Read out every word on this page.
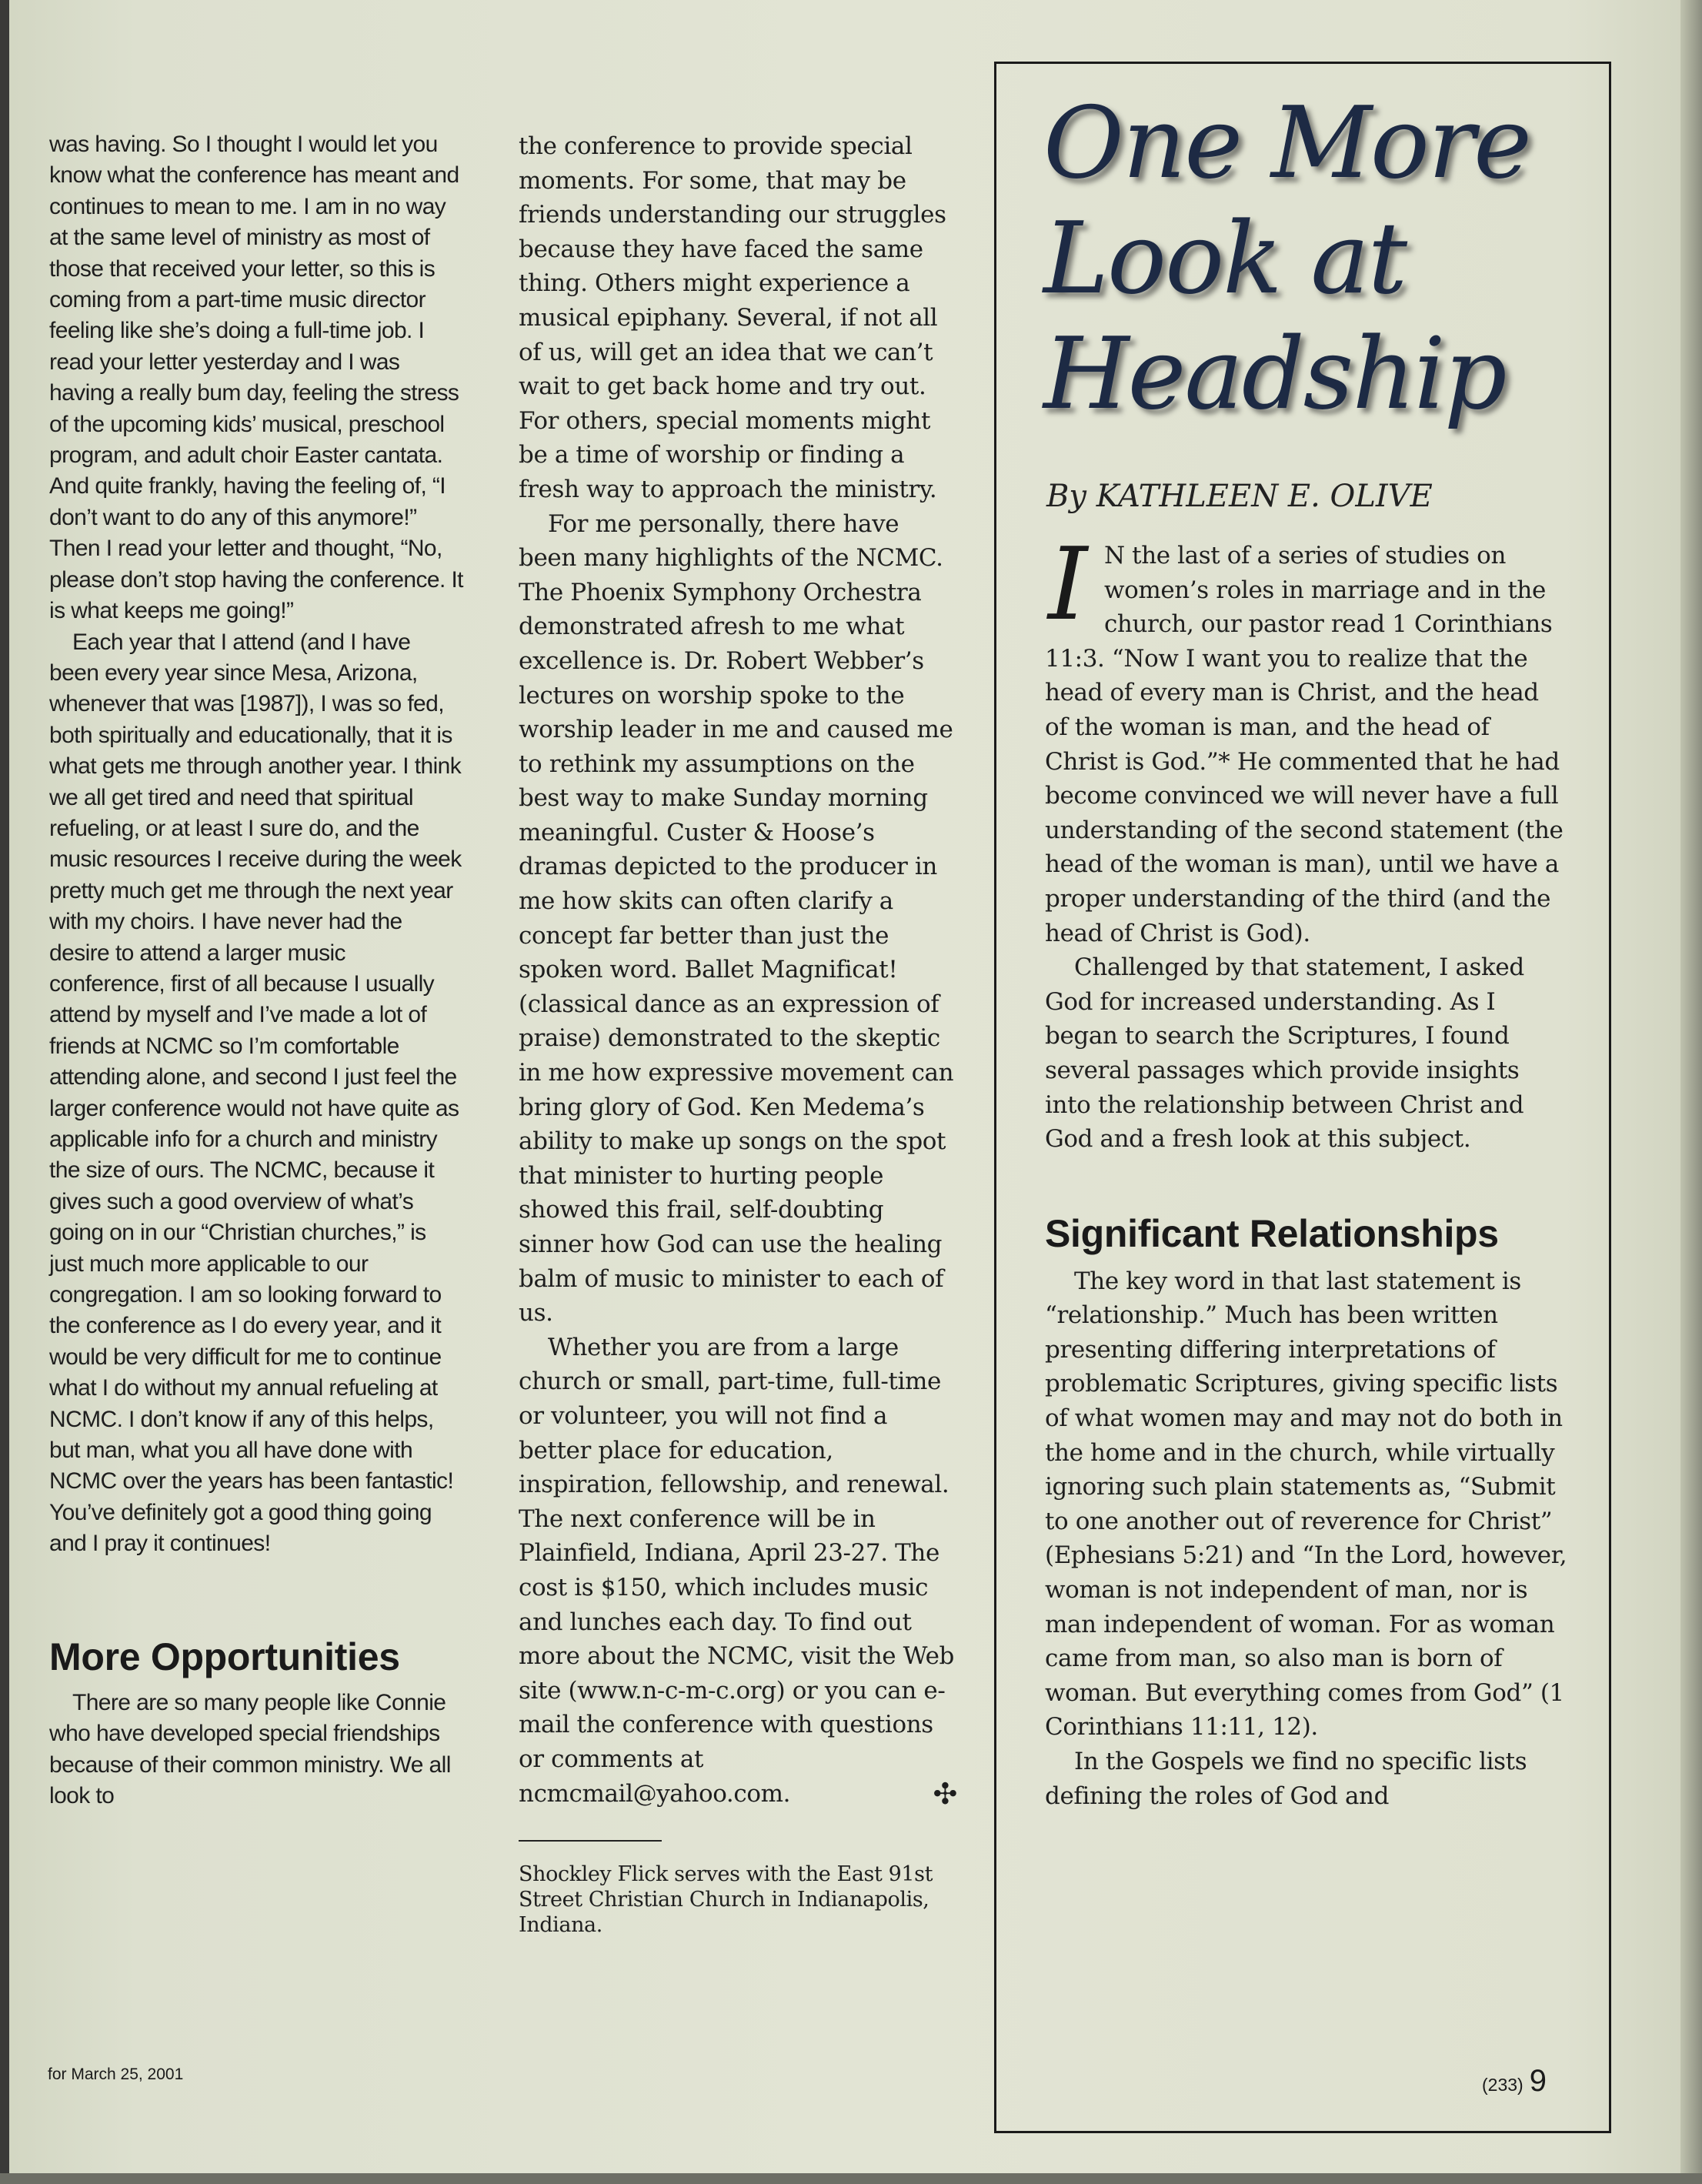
was having. So I thought I would let you know what the conference has meant and continues to mean to me. I am in no way at the same level of ministry as most of those that received your letter, so this is coming from a part-time music director feeling like she’s doing a full-time job. I read your letter yesterday and I was having a really bum day, feeling the stress of the upcoming kids’ musical, preschool program, and adult choir Easter cantata. And quite frankly, having the feeling of, “I don’t want to do any of this anymore!” Then I read your letter and thought, “No, please don’t stop having the conference. It is what keeps me going!”

Each year that I attend (and I have been every year since Mesa, Arizona, whenever that was [1987]), I was so fed, both spiritually and educationally, that it is what gets me through another year. I think we all get tired and need that spiritual refueling, or at least I sure do, and the music resources I receive during the week pretty much get me through the next year with my choirs. I have never had the desire to attend a larger music conference, first of all because I usually attend by myself and I’ve made a lot of friends at NCMC so I’m comfortable attending alone, and second I just feel the larger conference would not have quite as applicable info for a church and ministry the size of ours. The NCMC, because it gives such a good overview of what’s going on in our “Christian churches,” is just much more applicable to our congregation. I am so looking forward to the conference as I do every year, and it would be very difficult for me to continue what I do without my annual refueling at NCMC. I don’t know if any of this helps, but man, what you all have done with NCMC over the years has been fantastic! You’ve definitely got a good thing going and I pray it continues!

More Opportunities

There are so many people like Connie who have developed special friendships because of their common ministry. We all look to

the conference to provide special moments. For some, that may be friends understanding our struggles because they have faced the same thing. Others might experience a musical epiphany. Several, if not all of us, will get an idea that we can’t wait to get back home and try out. For others, special moments might be a time of worship or finding a fresh way to approach the ministry.

For me personally, there have been many highlights of the NCMC. The Phoenix Symphony Orchestra demonstrated afresh to me what excellence is. Dr. Robert Webber’s lectures on worship spoke to the worship leader in me and caused me to rethink my assumptions on the best way to make Sunday morning meaningful. Custer & Hoose’s dramas depicted to the producer in me how skits can often clarify a concept far better than just the spoken word. Ballet Magnificat! (classical dance as an expression of praise) demonstrated to the skeptic in me how expressive movement can bring glory of God. Ken Medema’s ability to make up songs on the spot that minister to hurting people showed this frail, self-doubting sinner how God can use the healing balm of music to minister to each of us.

Whether you are from a large church or small, part-time, full-time or volunteer, you will not find a better place for education, inspiration, fellowship, and renewal. The next conference will be in Plainfield, Indiana, April 23-27. The cost is $150, which includes music and lunches each day. To find out more about the NCMC, visit the Web site (www.n-c-m-c.org) or you can e-mail the conference with questions or comments at ncmcmail@yahoo.com.	✣

Shockley Flick serves with the East 91st Street Christian Church in Indianapolis, Indiana.

One More
Look at
Headship
By KATHLEEN E. OLIVE

I N the last of a series of studies on women’s roles in marriage and in the church, our pastor read 1 Corinthians 11:3. “Now I want you to realize that the head of every man is Christ, and the head of the woman is man, and the head of Christ is God.”* He commented that he had become convinced we will never have a full understanding of the second statement (the head of the woman is man), until we have a proper understanding of the third (and the head of Christ is God).

Challenged by that statement, I asked God for increased understanding. As I began to search the Scriptures, I found several passages which provide insights into the relationship between Christ and God and a fresh look at this subject.

Significant Relationships

The key word in that last statement is “relationship.” Much has been written presenting differing interpretations of problematic Scriptures, giving specific lists of what women may and may not do both in the home and in the church, while virtually ignoring such plain statements as, “Submit to one another out of reverence for Christ” (Ephesians 5:21) and “In the Lord, however, woman is not independent of man, nor is man independent of woman. For as woman came from man, so also man is born of woman. But everything comes from God” (1 Corinthians 11:11, 12).

In the Gospels we find no specific lists defining the roles of God and

for March 25, 2001
(233) 9
